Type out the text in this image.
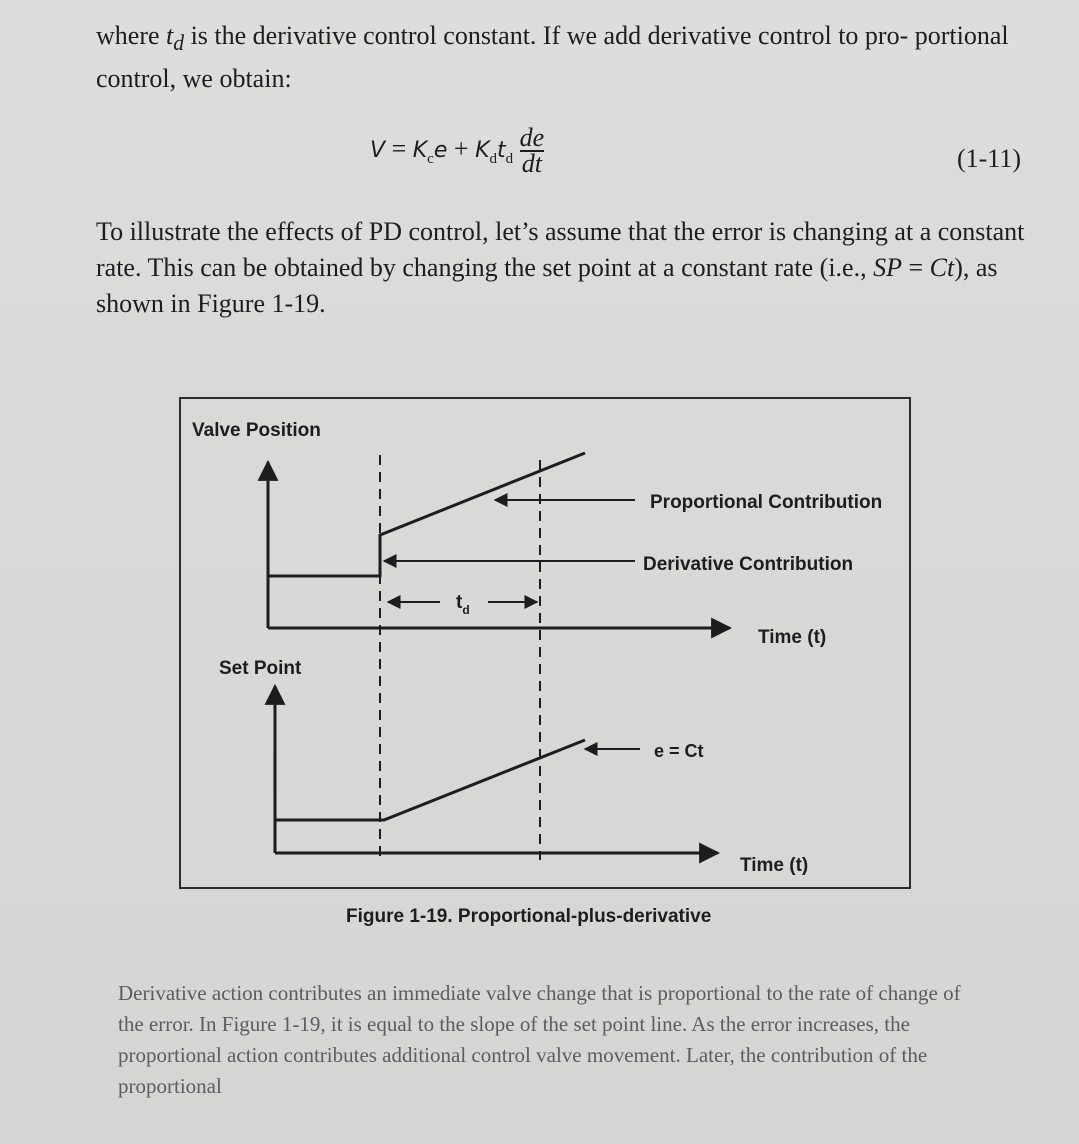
where $t_d$ is the derivative control constant. If we add derivative control to pro- portional control, we obtain:

$V = K_ce + K_dt_d \frac{de}{dt}$	(1-11)

To illustrate the effects of PD control, let’s assume that the error is changing at a constant rate. This can be obtained by changing the set point at a constant rate (i.e., SP = Ct), as shown in Figure 1-19.

Valve Position
Time (t)
Proportional Contribution
Derivative Contribution
$t_d$
Set Point
Time (t)
e = Ct
Figure 1-19. Proportional-plus-derivative

Derivative action contributes an immediate valve change that is proportional to the rate of change of the error. In Figure 1-19, it is equal to the slope of the set point line. As the error increases, the proportional action contributes additional control valve movement. Later, the contribution of the proportional
